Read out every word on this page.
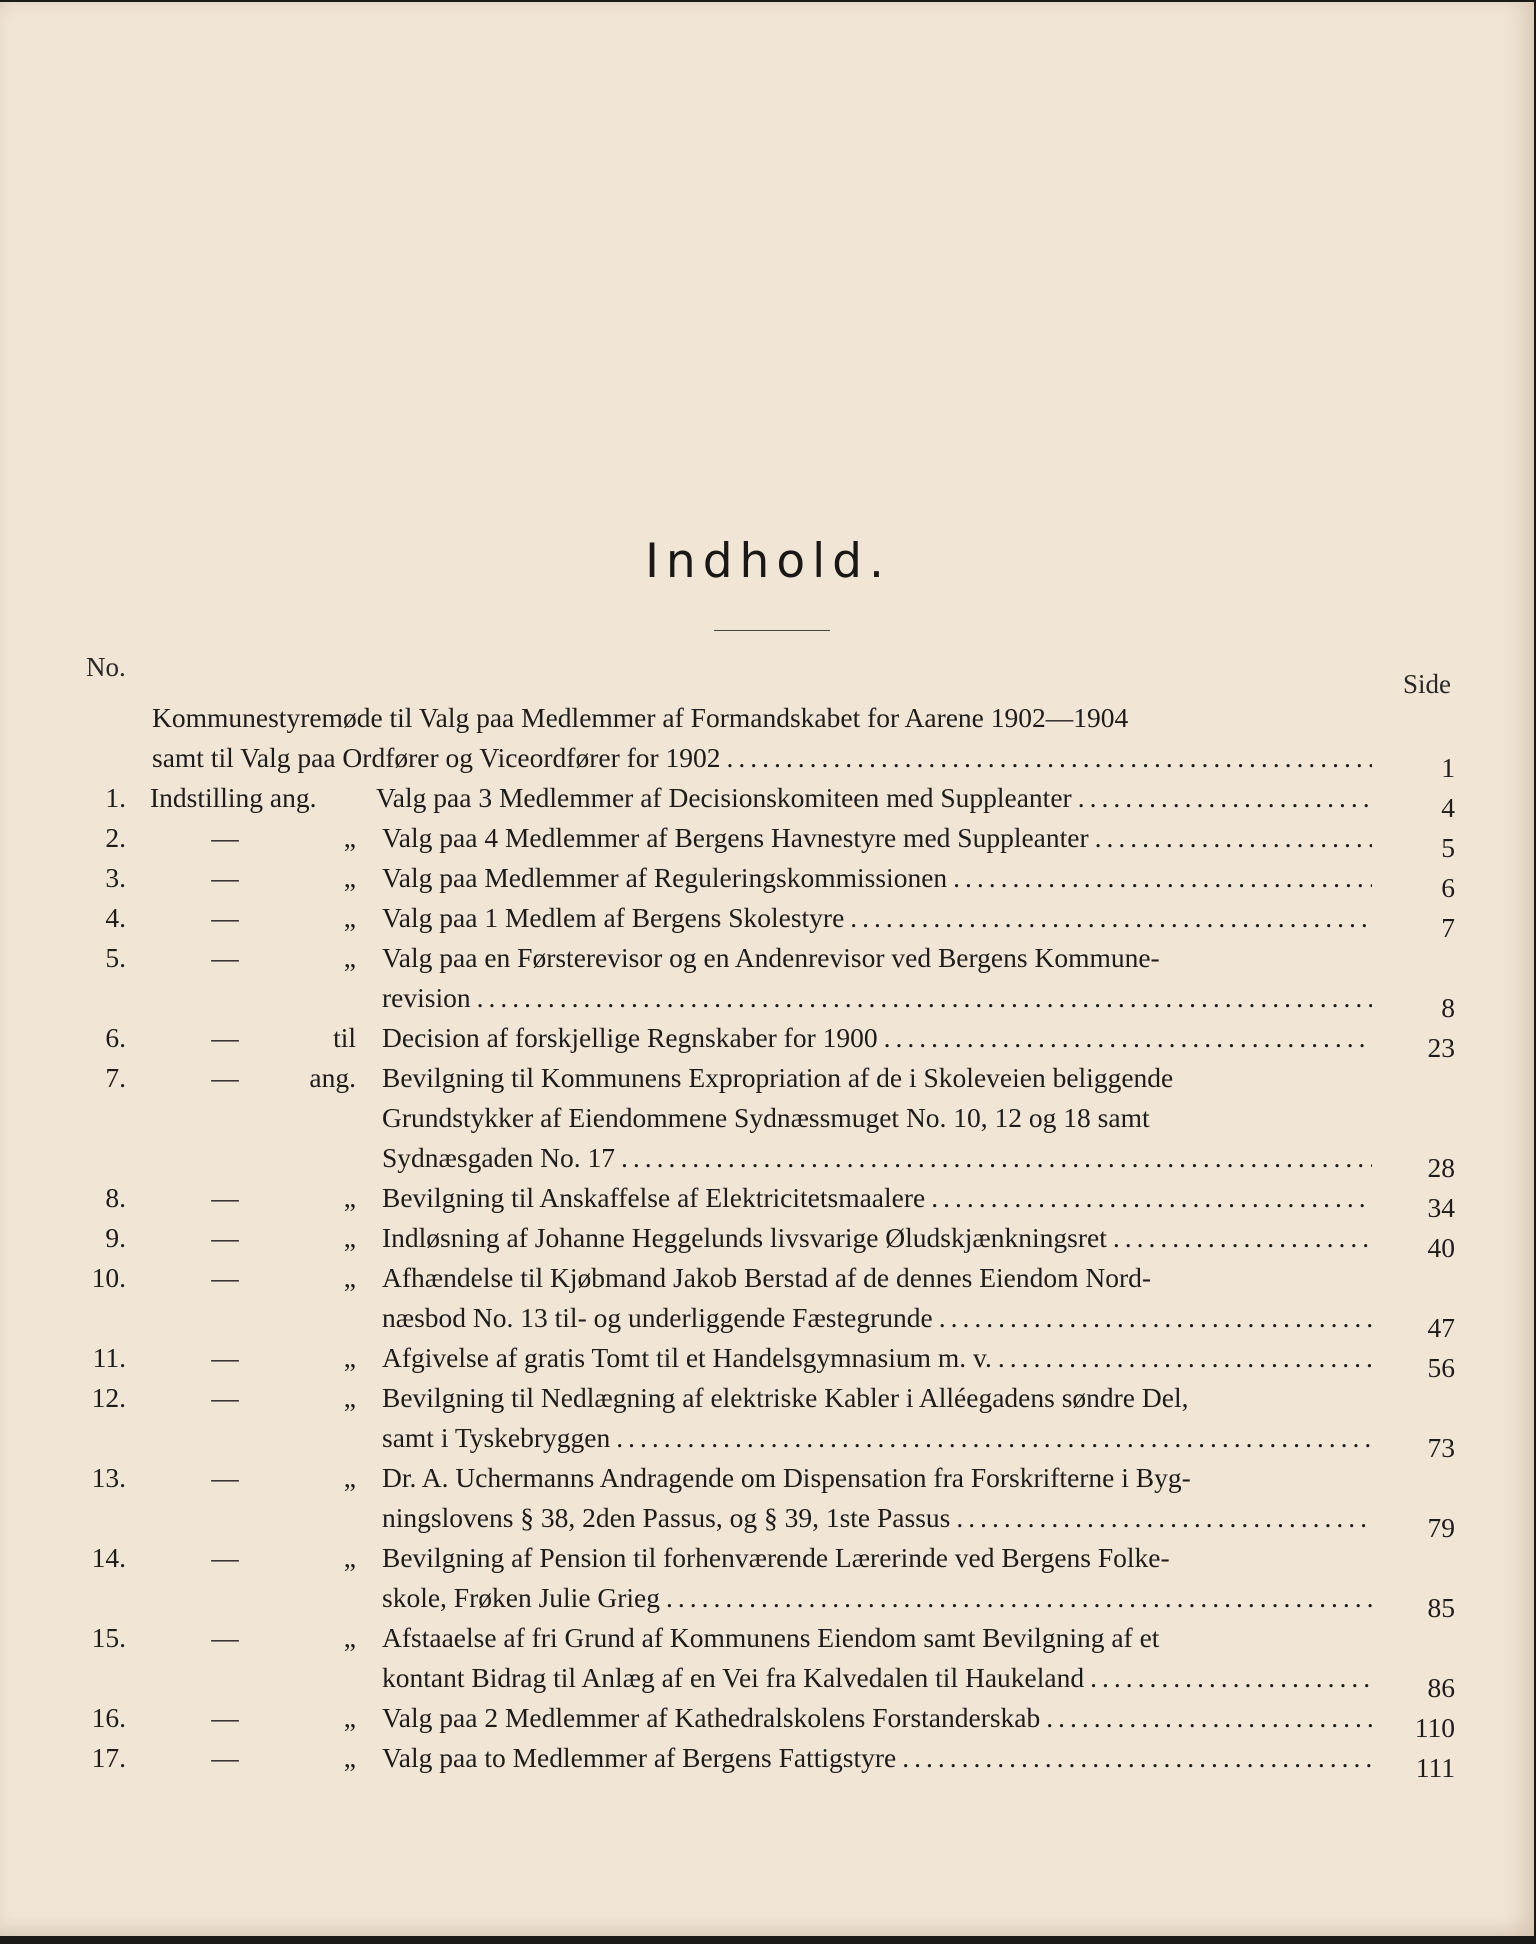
Indhold.
No.
Side
Kommunestyremøde til Valg paa Medlemmer af Formandskabet for Aarene 1902—1904
samt til Valg paa Ordfører og Viceordfører for 1902 .....	1
1. Indstilling ang. Valg paa 3 Medlemmer af Decisionskomiteen med Suppleanter .....	4
2.	—	„ Valg paa 4 Medlemmer af Bergens Havnestyre med Suppleanter .....	5
3.	—	„ Valg paa Medlemmer af Reguleringskommissionen .....	6
4.	—	„ Valg paa 1 Medlem af Bergens Skolestyre .....	7
5.	—	„ Valg paa en Førsterevisor og en Andenrevisor ved Bergens Kommune-
revision .....	8
6.	—	til Decision af forskjellige Regnskaber for 1900 .....	23
7.	—	ang. Bevilgning til Kommunens Expropriation af de i Skoleveien beliggende
Grundstykker af Eiendommene Sydnæssmuget No. 10, 12 og 18 samt
Sydnæsgaden No. 17 .....	28
8.	—	„ Bevilgning til Anskaffelse af Elektricitetsmaalere .....	34
9.	—	„ Indløsning af Johanne Heggelunds livsvarige Øludskjænkningsret .....	40
10.	—	„ Afhændelse til Kjøbmand Jakob Berstad af de dennes Eiendom Nord-
næsbod No. 13 til- og underliggende Fæstegrunde .....	47
11.	—	„ Afgivelse af gratis Tomt til et Handelsgymnasium m. v. .....	56
12.	—	„ Bevilgning til Nedlægning af elektriske Kabler i Alléegadens søndre Del,
samt i Tyskebryggen .....	73
13.	—	„ Dr. A. Uchermanns Andragende om Dispensation fra Forskrifterne i Byg-
ningslovens § 38, 2den Passus, og § 39, 1ste Passus .....	79
14.	—	„ Bevilgning af Pension til forhenværende Lærerinde ved Bergens Folke-
skole, Frøken Julie Grieg .....	85
15.	—	„ Afstaaelse af fri Grund af Kommunens Eiendom samt Bevilgning af et
kontant Bidrag til Anlæg af en Vei fra Kalvedalen til Haukeland .....	86
16.	—	„ Valg paa 2 Medlemmer af Kathedralskolens Forstanderskab .....	110
17.	—	„ Valg paa to Medlemmer af Bergens Fattigstyre .....	111
